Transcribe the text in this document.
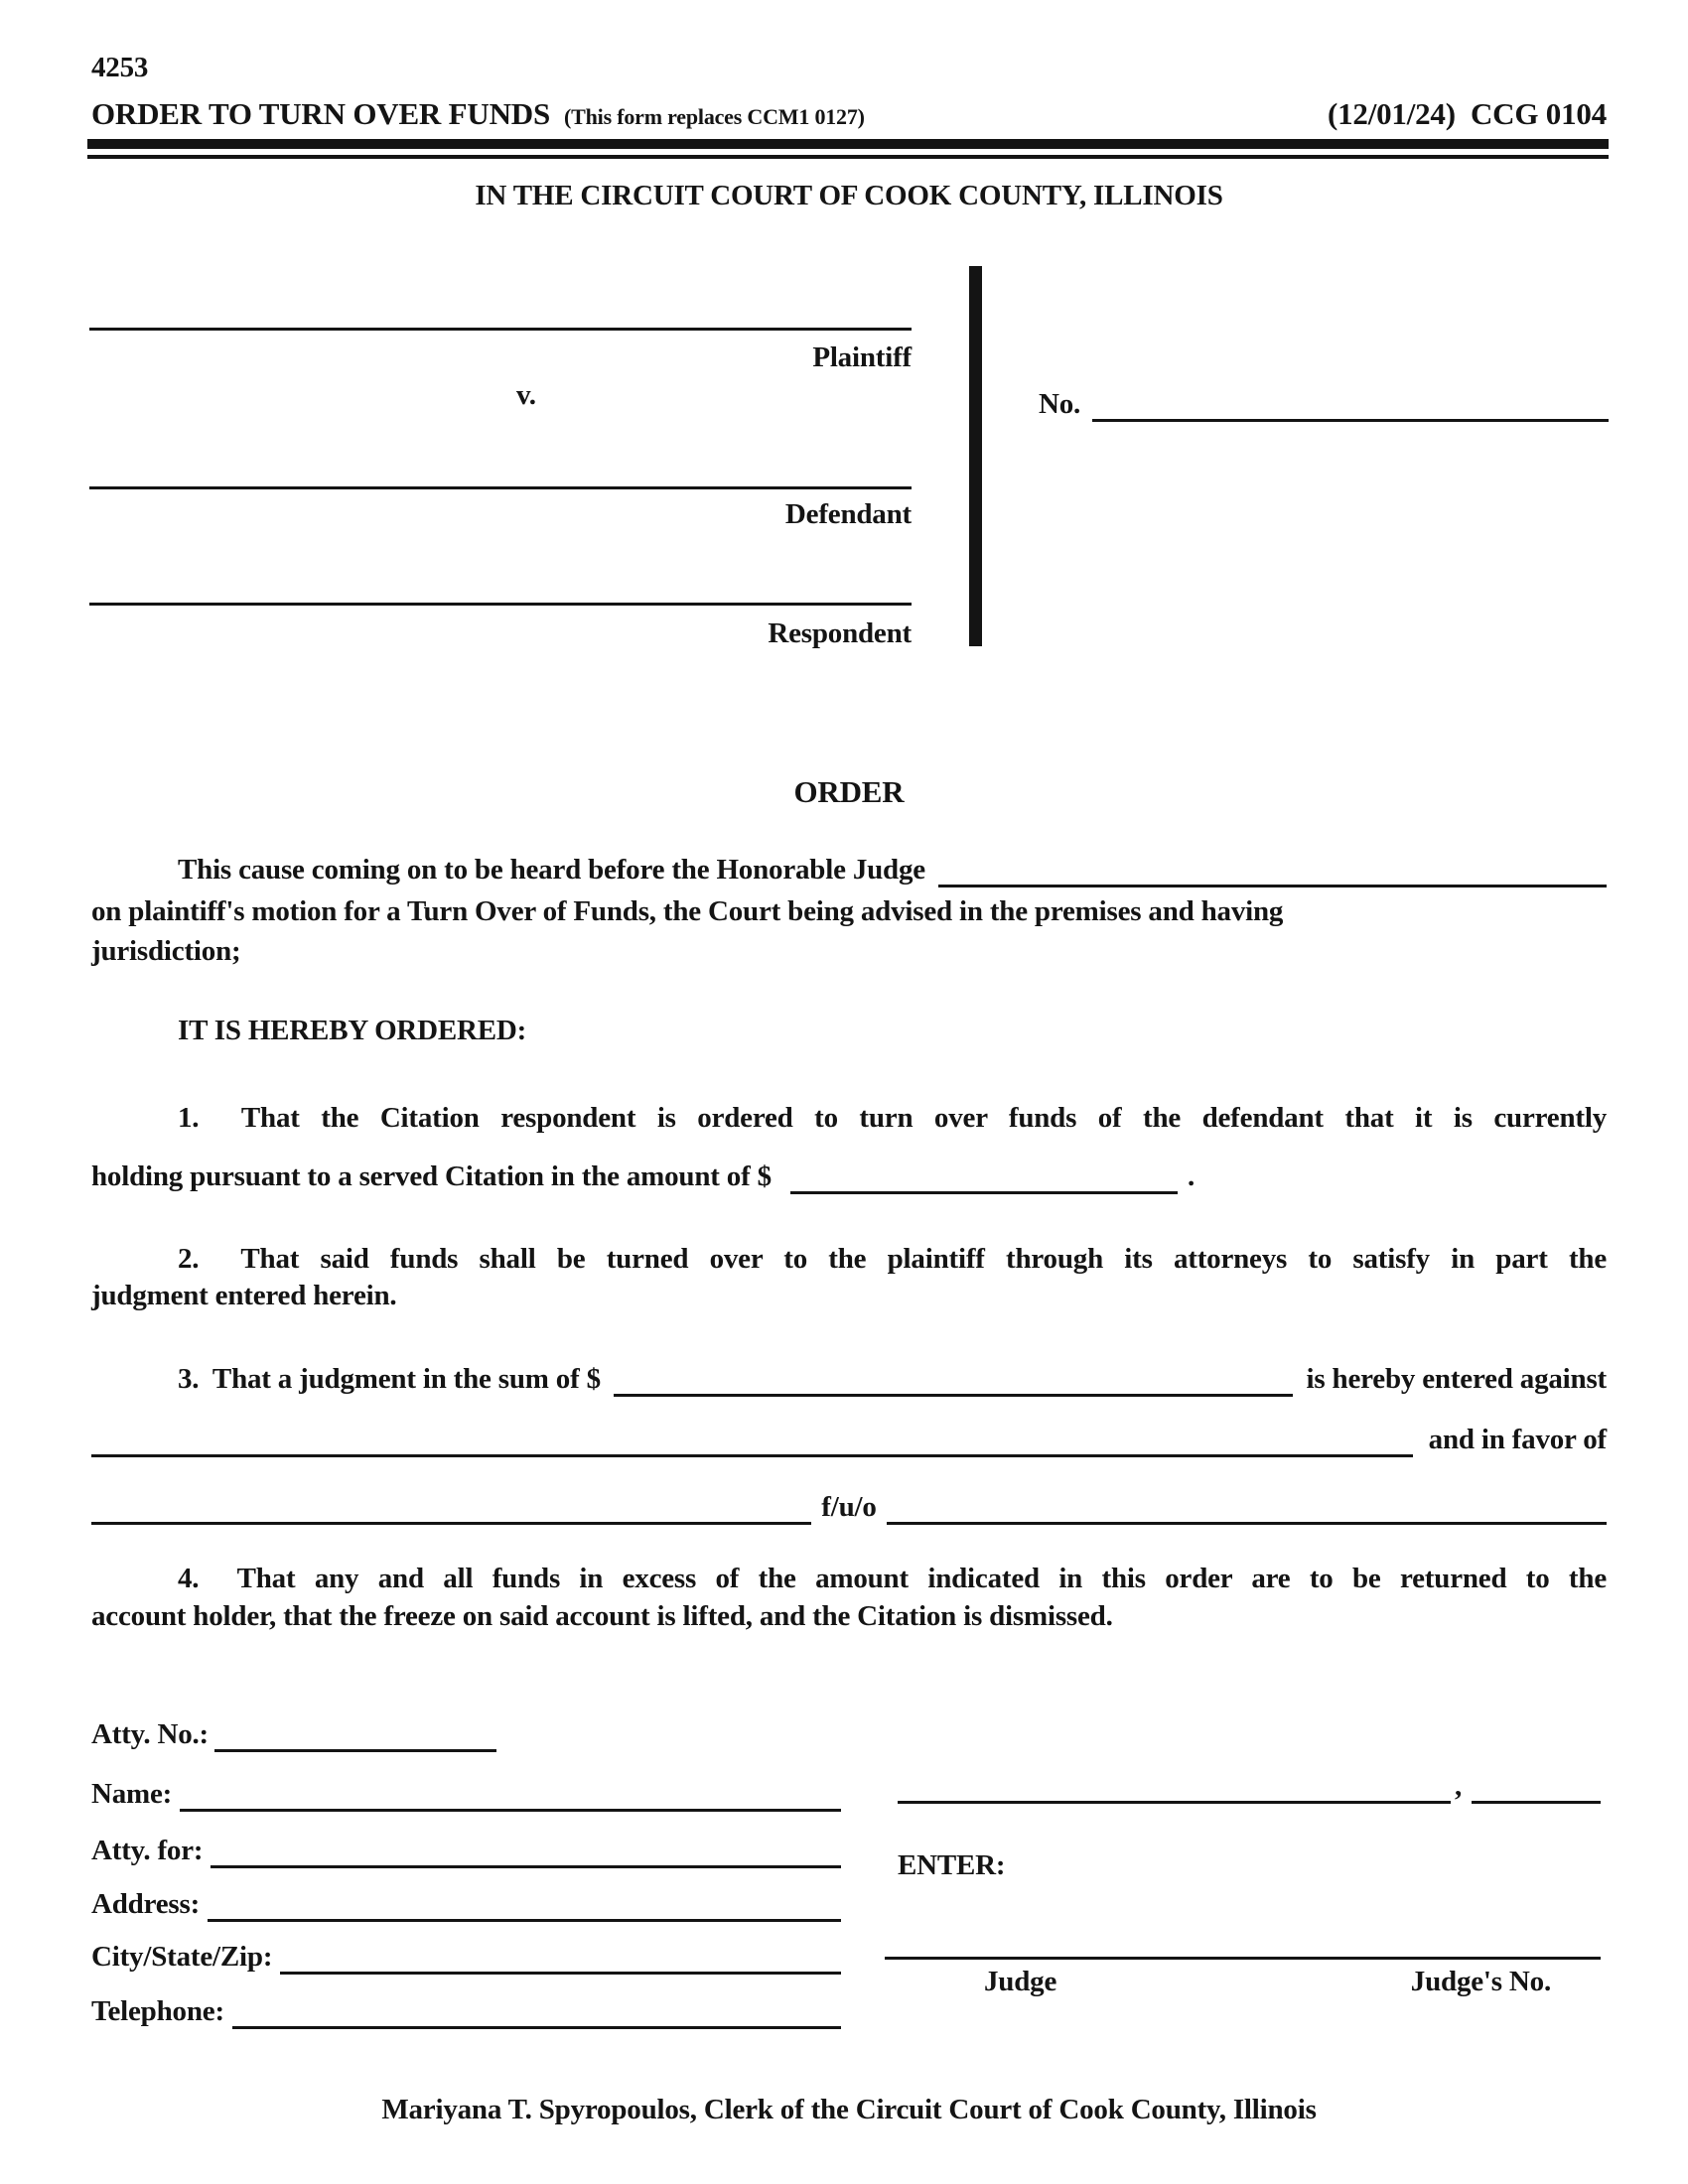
4253
ORDER TO TURN OVER FUNDS (This form replaces CCM1 0127)	(12/01/24)  CCG 0104
IN THE CIRCUIT COURT OF COOK COUNTY, ILLINOIS
Plaintiff
v.
Defendant
Respondent
No.
ORDER
This cause coming on to be heard before the Honorable Judge
on plaintiff's motion for a Turn Over of Funds, the Court being advised in the premises and having
jurisdiction;
IT IS HEREBY ORDERED:
1.  That the Citation respondent is ordered to turn over funds of the defendant that it is currently
holding pursuant to a served Citation in the amount of $	.
2.  That said funds shall be turned over to the plaintiff through its attorneys to satisfy in part the
judgment entered herein.
3.  That a judgment in the sum of $	is hereby entered against
and in favor of
f/u/o
4.  That any and all funds in excess of the amount indicated in this order are to be returned to the
account holder, that the freeze on said account is lifted, and the Citation is dismissed.
Atty. No.:
Name:
Atty. for:
Address:
City/State/Zip:
Telephone:
,
ENTER:
Judge	Judge's No.
Mariyana T. Spyropoulos, Clerk of the Circuit Court of Cook County, Illinois
